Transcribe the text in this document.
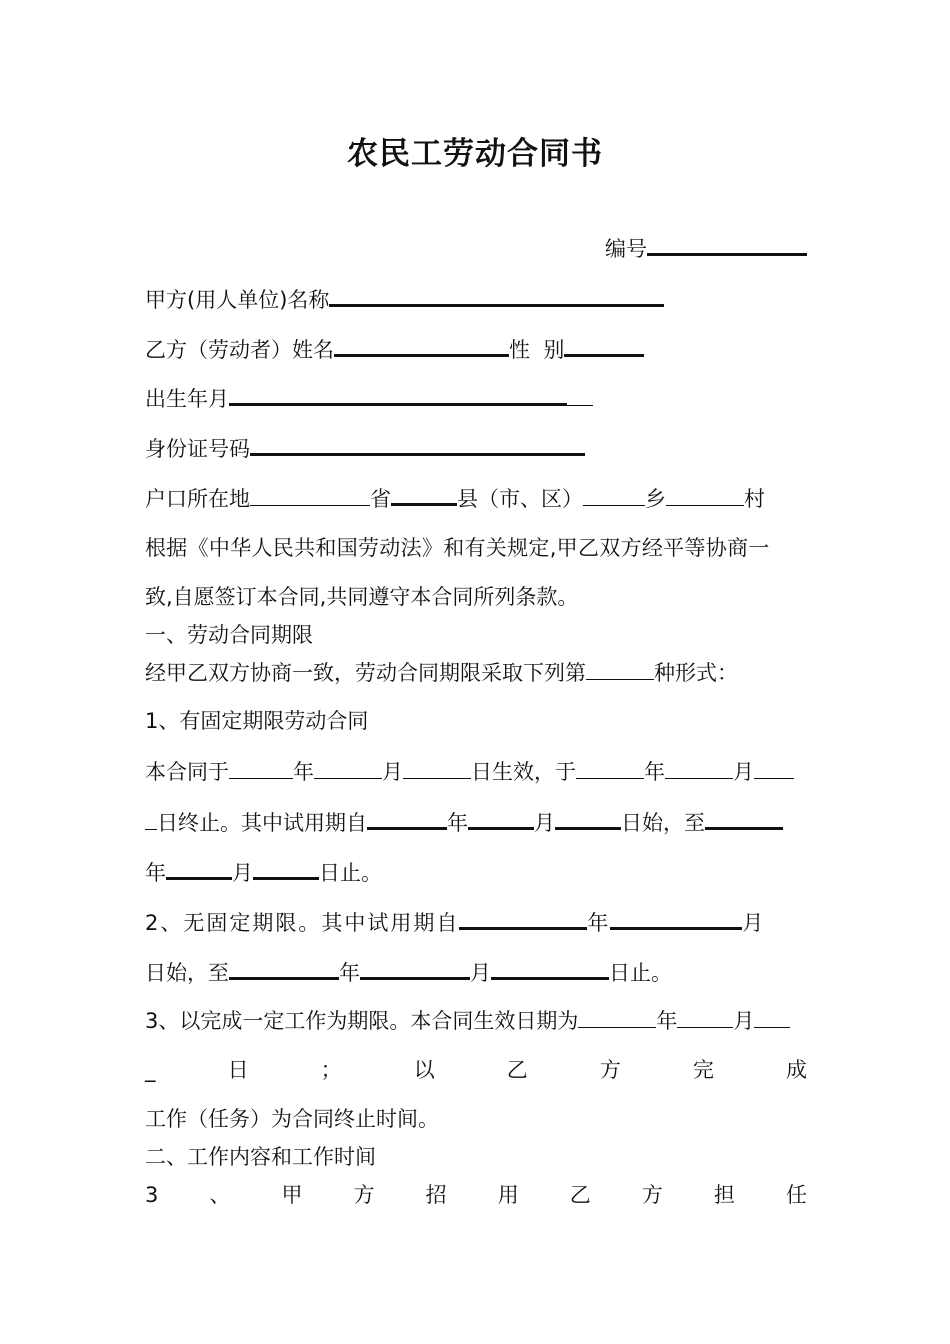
农民工劳动合同书
编号
甲方(用人单位)名称
乙方（劳动者）姓名	性  别
出生年月
身份证号码
户口所在地	省	县（市、区）	乡	村
根据《中华人民共和国劳动法》和有关规定,甲乙双方经平等协商一
致,自愿签订本合同,共同遵守本合同所列条款。
一、劳动合同期限
经甲乙双方协商一致，劳动合同期限采取下列第	种形式：
1、有固定期限劳动合同
本合同于	年	月	日生效，于	年	月
日终止。其中试用期自	年	月	日始，至
年	月	日止。
2、无固定期限。其中试用期自	年	月
日始，至	年	月	日止。
3、以完成一定工作为期限。本合同生效日期为	年	月
_	日	；	以	乙	方	完	成
工作（任务）为合同终止时间。
二、工作内容和工作时间
3 、 甲 方 招 用 乙 方 担 任
